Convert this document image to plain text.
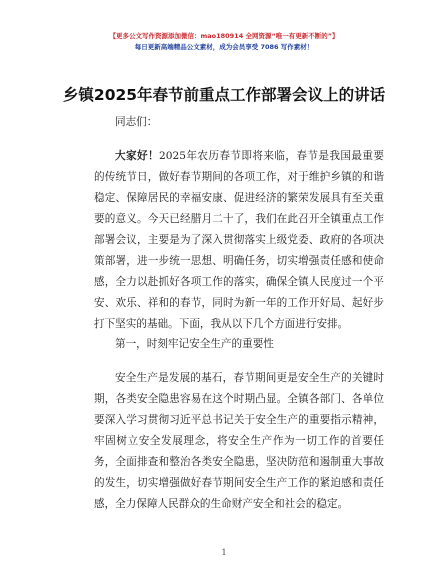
【更多公文写作资源添加微信：mao180914 全网资源“唯一有更新不断的”】
每日更新高端精品公文素材，成为会员享受 7086 写作素材！
乡镇2025年春节前重点工作部署会议上的讲话
同志们：
大家好！2025年农历春节即将来临，春节是我国最重要的传统节日，做好春节期间的各项工作，对于维护乡镇的和谐稳定、保障居民的幸福安康、促进经济的繁荣发展具有至关重要的意义。今天已经腊月二十了，我们在此召开全镇重点工作部署会议，主要是为了深入贯彻落实上级党委、政府的各项决策部署，进一步统一思想、明确任务，切实增强责任感和使命感，全力以赴抓好各项工作的落实，确保全镇人民度过一个平安、欢乐、祥和的春节，同时为新一年的工作开好局、起好步打下坚实的基础。下面，我从以下几个方面进行安排。
第一，时刻牢记安全生产的重要性
安全生产是发展的基石，春节期间更是安全生产的关键时期，各类安全隐患容易在这个时期凸显。全镇各部门、各单位要深入学习贯彻习近平总书记关于安全生产的重要指示精神，牢固树立安全发展理念，将安全生产作为一切工作的首要任务，全面排查和整治各类安全隐患，坚决防范和遏制重大事故的发生，切实增强做好春节期间安全生产工作的紧迫感和责任感，全力保障人民群众的生命财产安全和社会的稳定。
1
